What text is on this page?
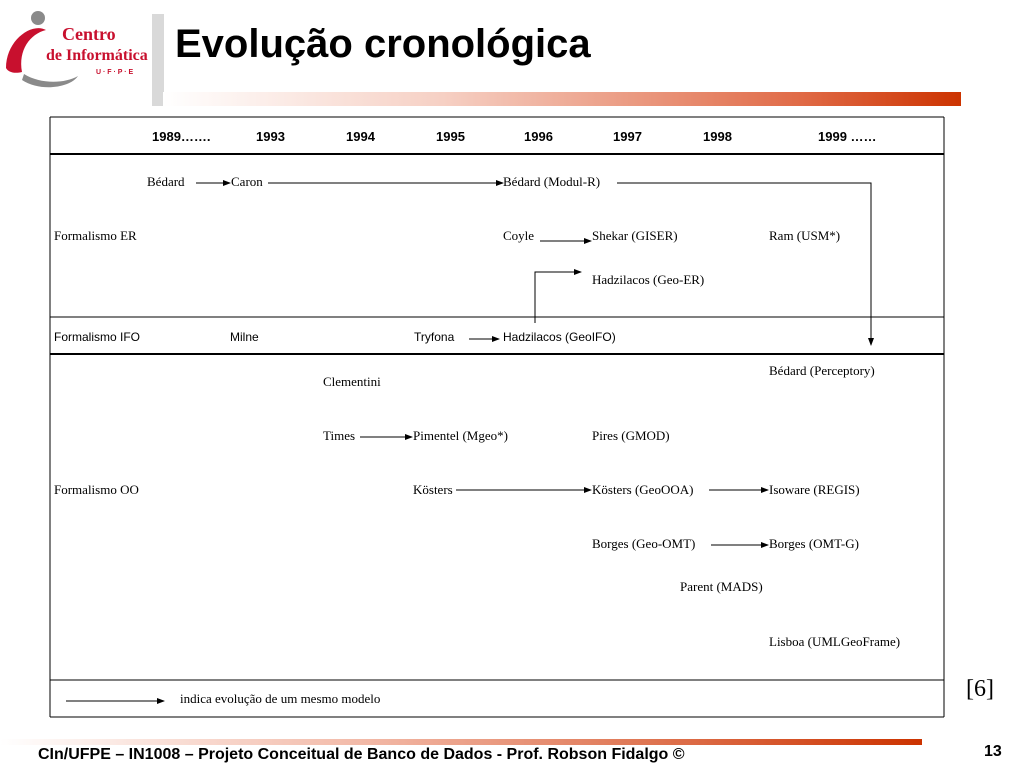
Centro
de Informática
U · F · P · E
Evolução cronológica
1989…….	1993	1994	1995	1996	1997	1998	1999 ……
Bédard	Caron	Bédard (Modul-R)
Formalismo ER	Coyle	Shekar (GISER)	Ram (USM*)
Hadzilacos (Geo-ER)
Formalismo IFO	Milne	Tryfona	Hadzilacos (GeoIFO)
Bédard (Perceptory)
Clementini
Times	Pimentel (Mgeo*)	Pires (GMOD)
Formalismo OO	Kösters	Kösters (GeoOOA)	Isoware (REGIS)
Borges (Geo-OMT)	Borges (OMT-G)
Parent (MADS)
Lisboa (UMLGeoFrame)
indica evolução de um mesmo modelo	[6]
CIn/UFPE – IN1008 – Projeto Conceitual de Banco de Dados - Prof. Robson Fidalgo ©	13
